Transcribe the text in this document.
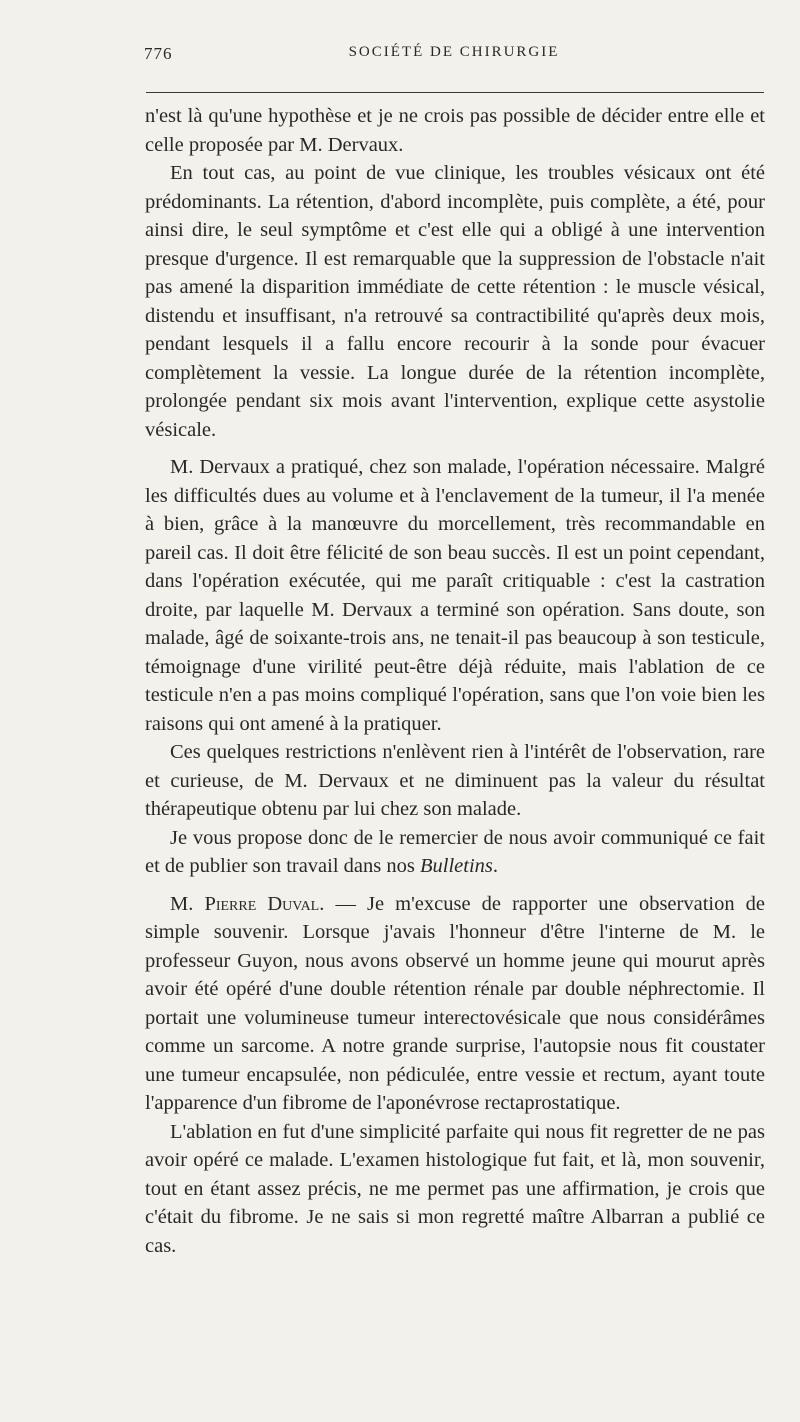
776	SOCIÉTÉ DE CHIRURGIE

n'est là qu'une hypothèse et je ne crois pas possible de décider entre elle et celle proposée par M. Dervaux.

En tout cas, au point de vue clinique, les troubles vésicaux ont été prédominants. La rétention, d'abord incomplète, puis complète, a été, pour ainsi dire, le seul symptôme et c'est elle qui a obligé à une intervention presque d'urgence. Il est remarquable que la suppression de l'obstacle n'ait pas amené la disparition immédiate de cette rétention : le muscle vésical, distendu et insuffisant, n'a retrouvé sa contractibilité qu'après deux mois, pendant lesquels il a fallu encore recourir à la sonde pour évacuer complètement la vessie. La longue durée de la rétention incomplète, prolongée pendant six mois avant l'intervention, explique cette asystolie vésicale.

M. Dervaux a pratiqué, chez son malade, l'opération nécessaire. Malgré les difficultés dues au volume et à l'enclavement de la tumeur, il l'a menée à bien, grâce à la manœuvre du morcellement, très recommandable en pareil cas. Il doit être félicité de son beau succès. Il est un point cependant, dans l'opération exécutée, qui me paraît critiquable : c'est la castration droite, par laquelle M. Dervaux a terminé son opération. Sans doute, son malade, âgé de soixante-trois ans, ne tenait-il pas beaucoup à son testicule, témoignage d'une virilité peut-être déjà réduite, mais l'ablation de ce testicule n'en a pas moins compliqué l'opération, sans que l'on voie bien les raisons qui ont amené à la pratiquer.

Ces quelques restrictions n'enlèvent rien à l'intérêt de l'observation, rare et curieuse, de M. Dervaux et ne diminuent pas la valeur du résultat thérapeutique obtenu par lui chez son malade.

Je vous propose donc de le remercier de nous avoir communiqué ce fait et de publier son travail dans nos Bulletins.

M. Pierre Duval. — Je m'excuse de rapporter une observation de simple souvenir. Lorsque j'avais l'honneur d'être l'interne de M. le professeur Guyon, nous avons observé un homme jeune qui mourut après avoir été opéré d'une double rétention rénale par double néphrectomie. Il portait une volumineuse tumeur interectovésicale que nous considérâmes comme un sarcome. A notre grande surprise, l'autopsie nous fit coustater une tumeur encapsulée, non pédiculée, entre vessie et rectum, ayant toute l'apparence d'un fibrome de l'aponévrose rectaprostatique.

L'ablation en fut d'une simplicité parfaite qui nous fit regretter de ne pas avoir opéré ce malade. L'examen histologique fut fait, et là, mon souvenir, tout en étant assez précis, ne me permet pas une affirmation, je crois que c'était du fibrome. Je ne sais si mon regretté maître Albarran a publié ce cas.
